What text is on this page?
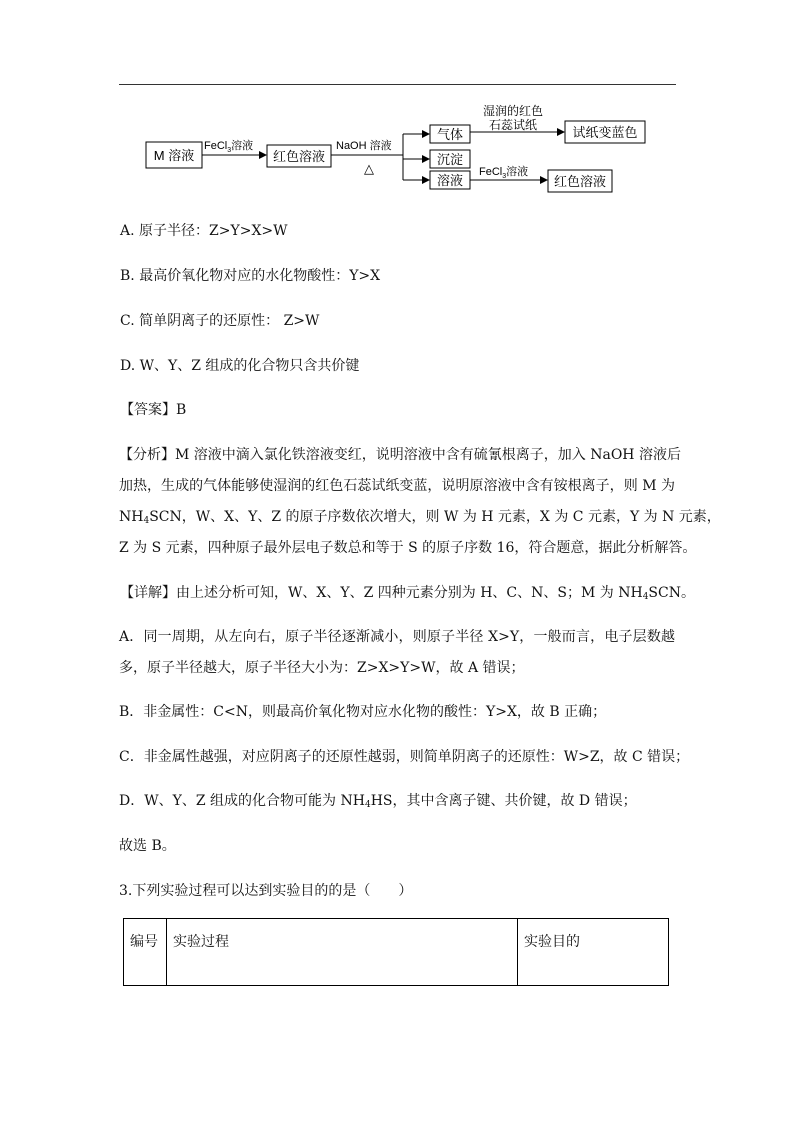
M 溶液	红色溶液
气体
沉淀
溶液
试纸变蓝色
红色溶液
FeCl$_3$溶液	NaOH 溶液
△
湿润的红色
石蕊试纸
FeCl$_3$溶液
A. 原子半径：Z>Y>X>W
B. 最高价氧化物对应的水化物酸性：Y>X
C. 简单阴离子的还原性： Z>W
D. W、Y、Z 组成的化合物只含共价键
【答案】B
【分析】M 溶液中滴入氯化铁溶液变红，说明溶液中含有硫氰根离子，加入 NaOH 溶液后
加热，生成的气体能够使湿润的红色石蕊试纸变蓝，说明原溶液中含有铵根离子，则 M 为
$NH_4SCN$，W、X、Y、Z 的原子序数依次增大，则 W 为 H 元素，X 为 C 元素，Y 为 N 元素，
Z 为 S 元素，四种原子最外层电子数总和等于 S 的原子序数 16，符合题意，据此分析解答。
【详解】由上述分析可知，W、X、Y、Z 四种元素分别为 H、C、N、S；M 为 $NH_4SCN$。
A．同一周期，从左向右，原子半径逐渐减小，则原子半径 X>Y，一般而言，电子层数越
多，原子半径越大，原子半径大小为：Z>X>Y>W，故 A 错误；
B．非金属性：C<N，则最高价氧化物对应水化物的酸性：Y>X，故 B 正确；
C．非金属性越强，对应阴离子的还原性越弱，则简单阴离子的还原性：W>Z，故 C 错误；
D．W、Y、Z 组成的化合物可能为 $NH_4HS$，其中含离子键、共价键，故 D 错误；
故选 B。
3.下列实验过程可以达到实验目的的是（　　）
编号	实验过程	实验目的
